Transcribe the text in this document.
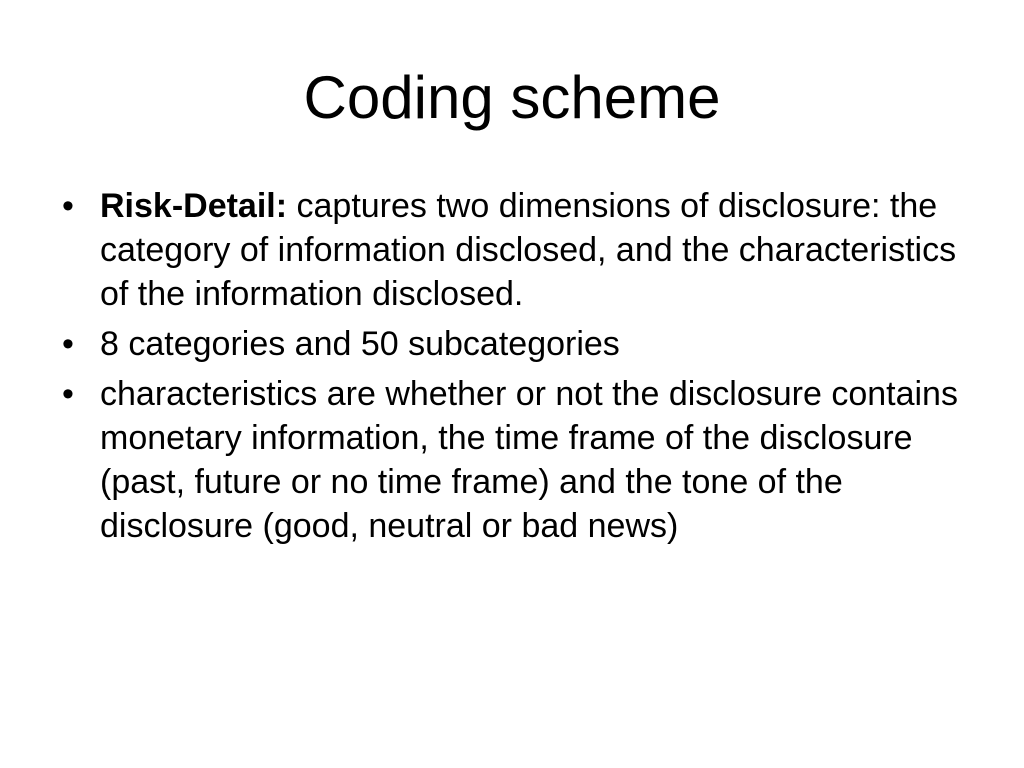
Coding scheme
• Risk-Detail: captures two dimensions of disclosure: the category of information disclosed, and the characteristics of the information disclosed.
• 8 categories and 50 subcategories
• characteristics are whether or not the disclosure contains monetary information, the time frame of the disclosure (past, future or no time frame) and the tone of the disclosure (good, neutral or bad news)
